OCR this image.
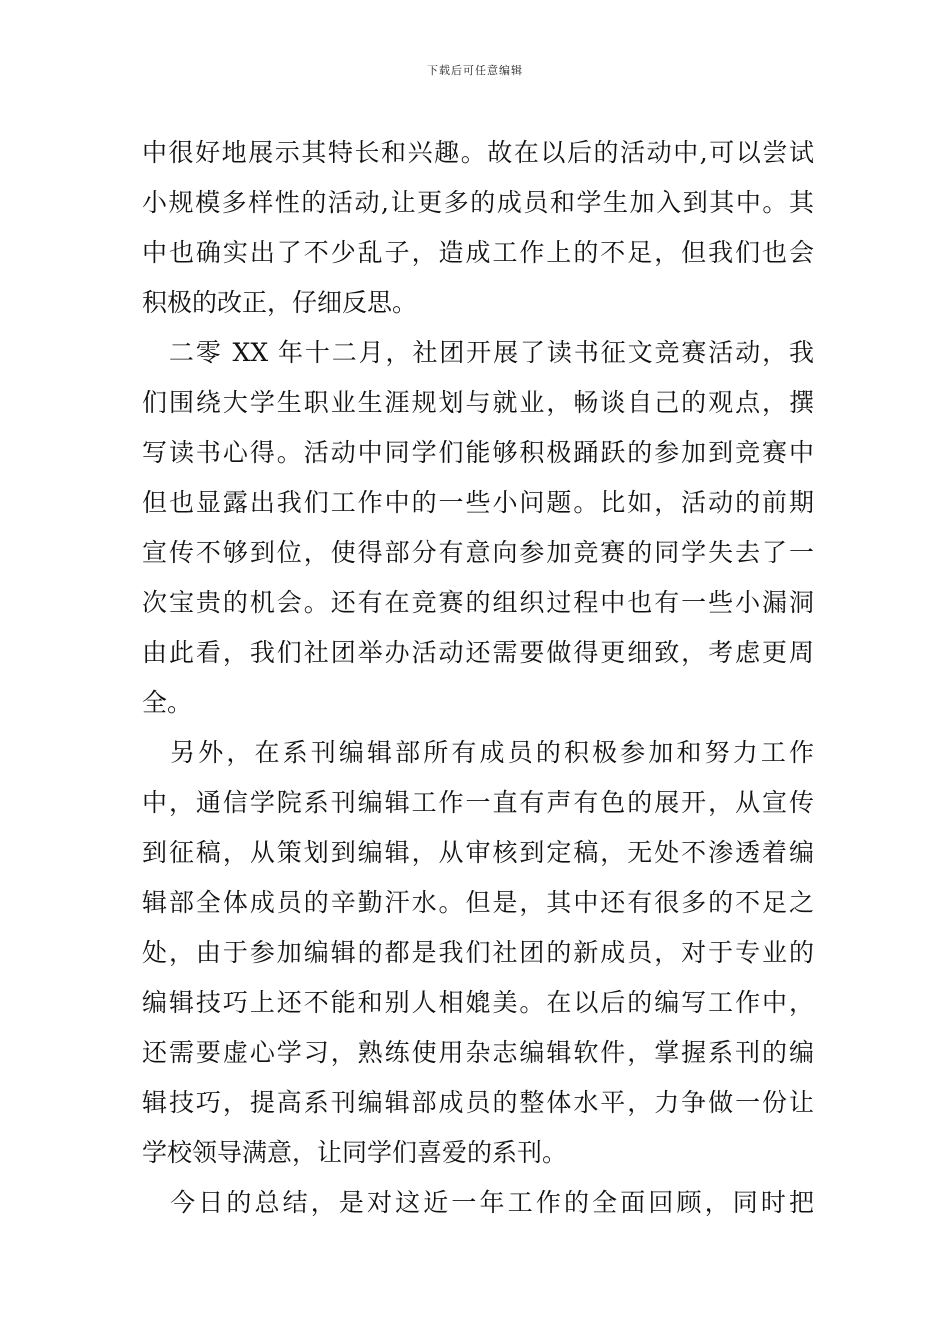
下载后可任意编辑
中很好地展示其特长和兴趣。故在以后的活动中,可以尝试
小规模多样性的活动,让更多的成员和学生加入到其中。其
中也确实出了不少乱子，造成工作上的不足，但我们也会
积极的改正，仔细反思。
　二零 XX 年十二月，社团开展了读书征文竞赛活动，我
们围绕大学生职业生涯规划与就业，畅谈自己的观点，撰
写读书心得。活动中同学们能够积极踊跃的参加到竞赛中
但也显露出我们工作中的一些小问题。比如，活动的前期
宣传不够到位，使得部分有意向参加竞赛的同学失去了一
次宝贵的机会。还有在竞赛的组织过程中也有一些小漏洞
由此看，我们社团举办活动还需要做得更细致，考虑更周
全。
　另外，在系刊编辑部所有成员的积极参加和努力工作
中，通信学院系刊编辑工作一直有声有色的展开，从宣传
到征稿，从策划到编辑，从审核到定稿，无处不渗透着编
辑部全体成员的辛勤汗水。但是，其中还有很多的不足之
处，由于参加编辑的都是我们社团的新成员，对于专业的
编辑技巧上还不能和别人相媲美。在以后的编写工作中，
还需要虚心学习，熟练使用杂志编辑软件，掌握系刊的编
辑技巧，提高系刊编辑部成员的整体水平，力争做一份让
学校领导满意，让同学们喜爱的系刊。
　今日的总结，是对这近一年工作的全面回顾，同时把
